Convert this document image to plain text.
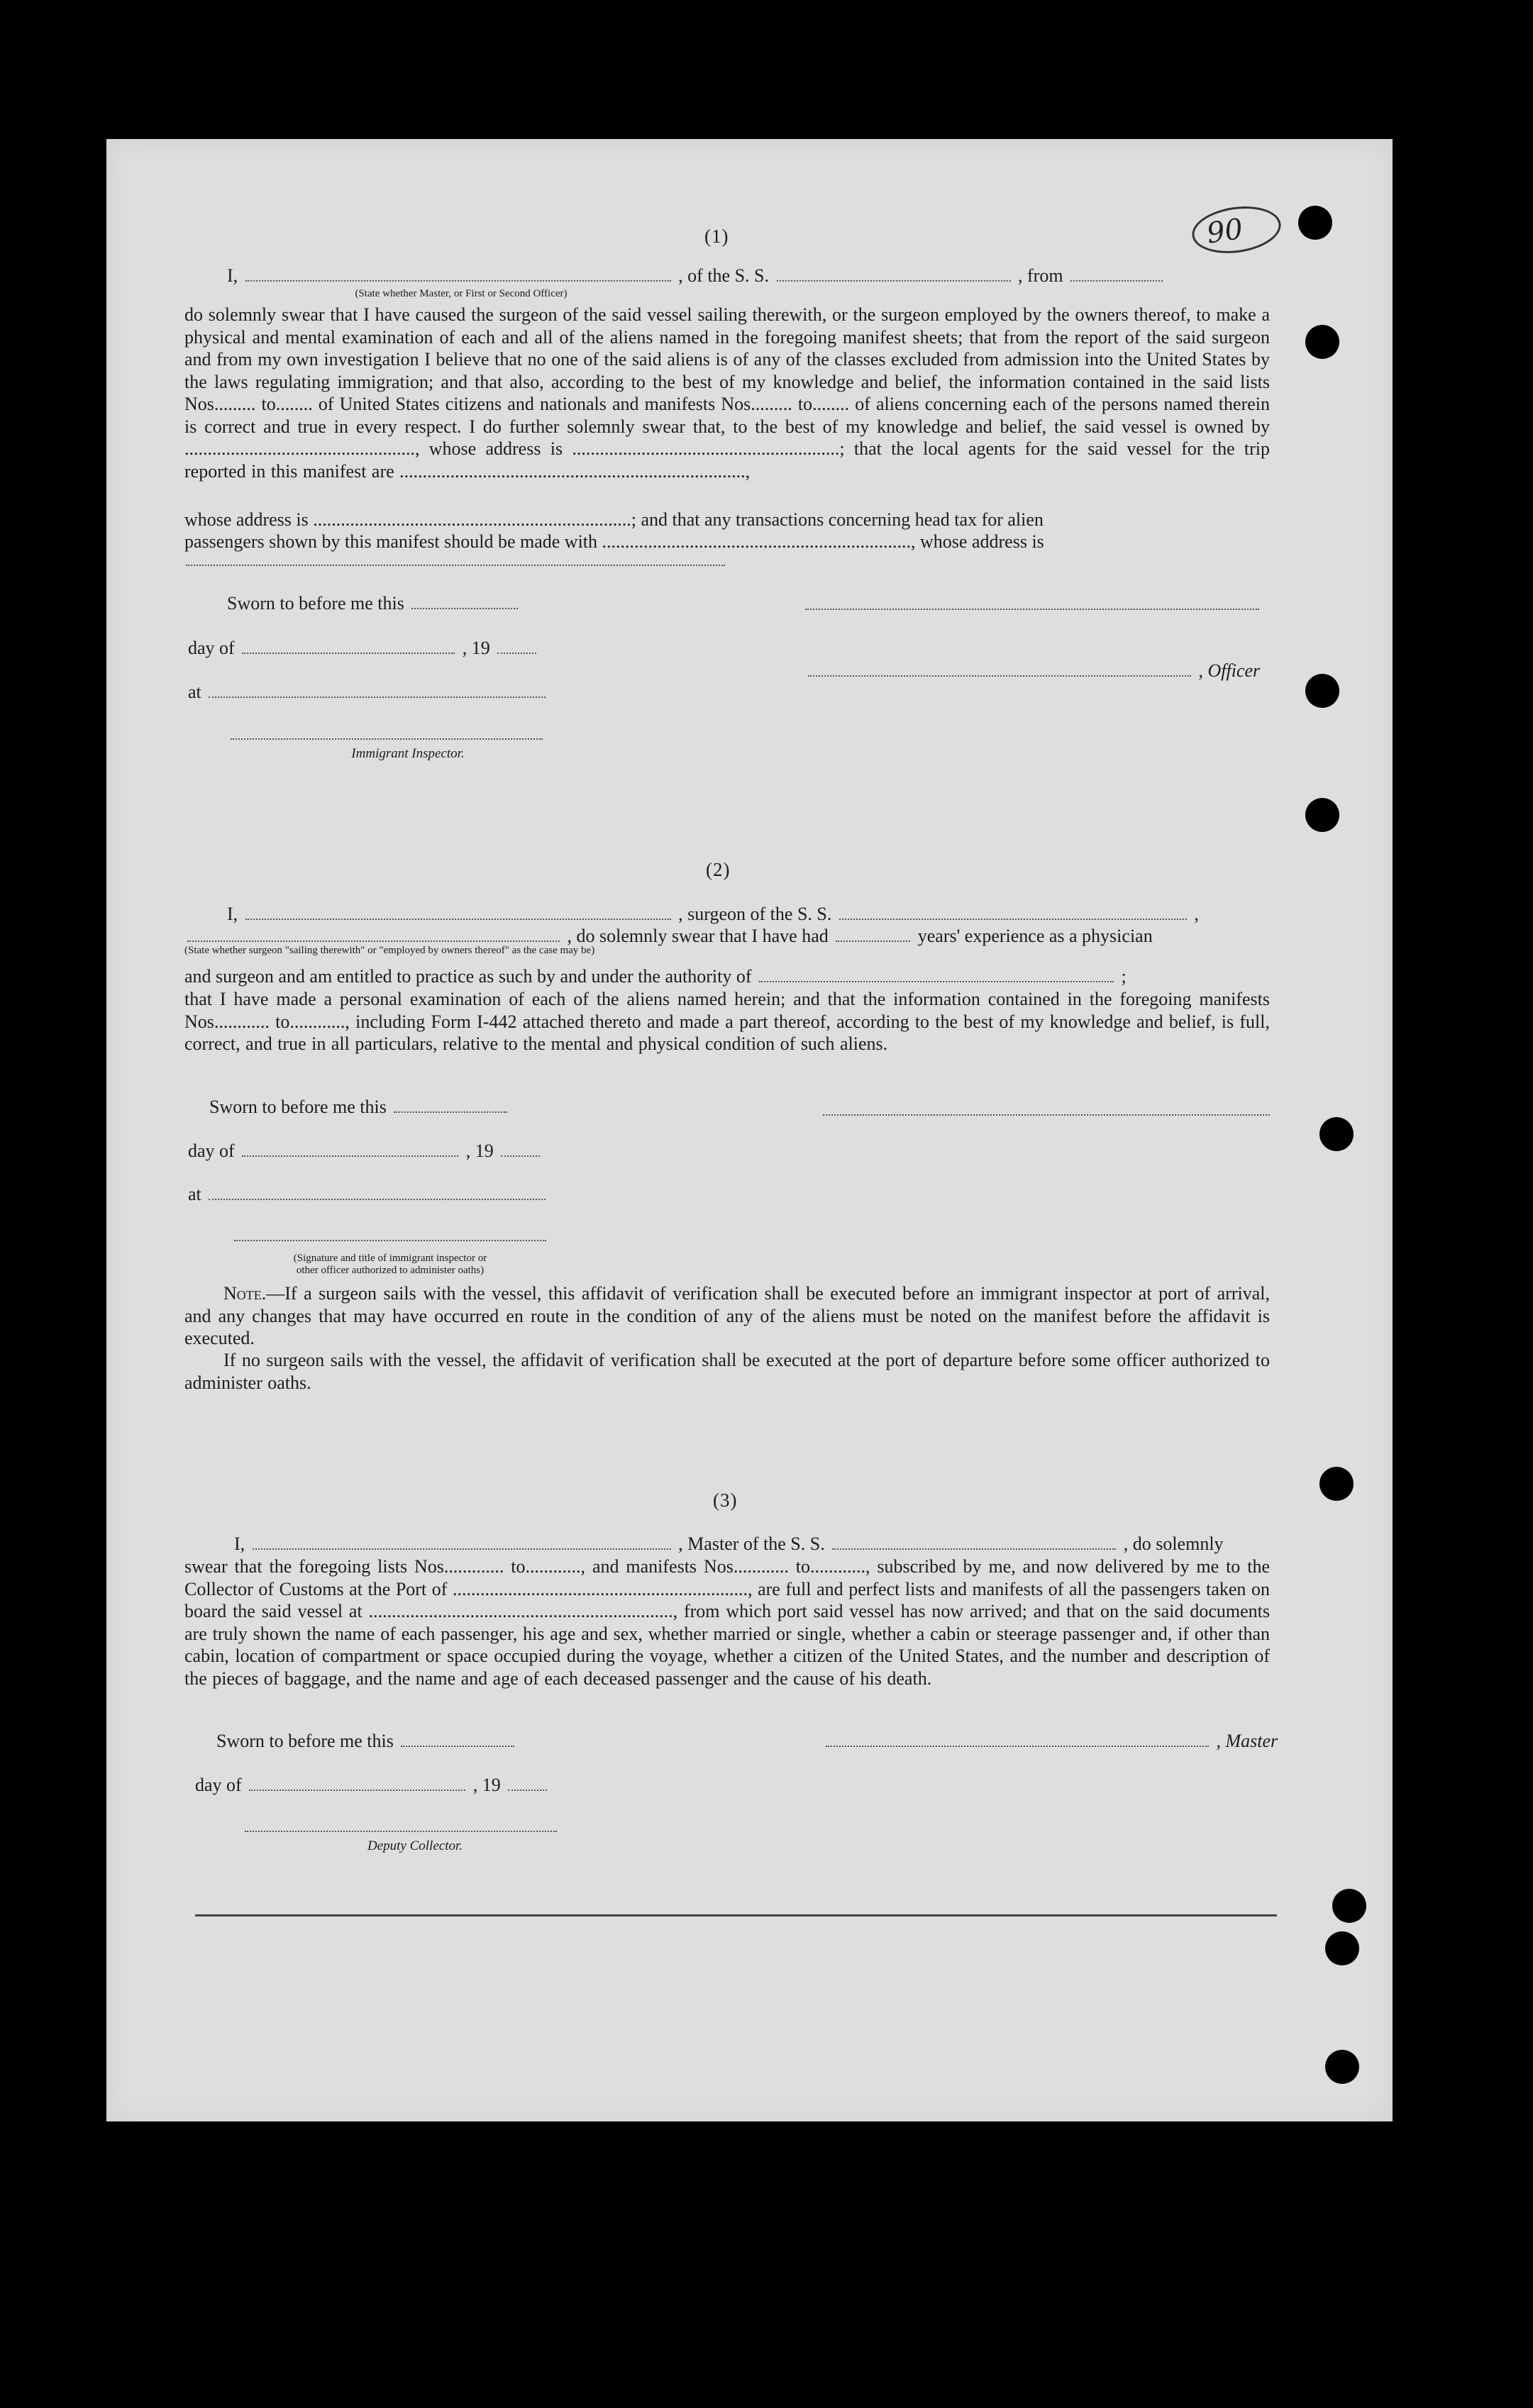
90
(1)
I,	, of the S. S.	, from
(State whether Master, or First or Second Officer)

do solemnly swear that I have caused the surgeon of the said vessel sailing therewith, or the surgeon employed by the owners thereof, to make a physical and mental examination of each and all of the aliens named in the foregoing manifest sheets; that from the report of the said surgeon and from my own investigation I believe that no one of the said aliens is of any of the classes excluded from admission into the United States by the laws regulating immigration; and that also, according to the best of my knowledge and belief, the information contained in the said lists Nos......... to........ of United States citizens and nationals and manifests Nos......... to........ of aliens concerning each of the persons named therein is correct and true in every respect. I do further solemnly swear that, to the best of my knowledge and belief, the said vessel is owned by .................................................., whose address is ..........................................................; that the local agents for the said vessel for the trip reported in this manifest are ...........................................................................,

whose address is .....................................................................; and that any transactions concerning head tax for alien
passengers shown by this manifest should be made with ..................................................................., whose address is
Sworn to before me this
day of	, 19
, Officer
at
Immigrant Inspector.
(2)
I,	, surgeon of the S. S.	,
, do solemnly swear that I have had	years' experience as a physician
(State whether surgeon "sailing therewith" or "employed by owners thereof" as the case may be)
and surgeon and am entitled to practice as such by and under the authority of	;

that I have made a personal examination of each of the aliens named herein; and that the information contained in the foregoing manifests Nos............ to............, including Form I-442 attached thereto and made a part thereof, according to the best of my knowledge and belief, is full, correct, and true in all particulars, relative to the mental and physical condition of such aliens.

Sworn to before me this
day of	, 19
at
(Signature and title of immigrant inspector or
other officer authorized to administer oaths)

Note.—If a surgeon sails with the vessel, this affidavit of verification shall be executed before an immigrant inspector at port of arrival, and any changes that may have occurred en route in the condition of any of the aliens must be noted on the manifest before the affidavit is executed.

If no surgeon sails with the vessel, the affidavit of verification shall be executed at the port of departure before some officer authorized to administer oaths.

(3)
I,	, Master of the S. S.	, do solemnly

swear that the foregoing lists Nos............. to............, and manifests Nos............ to............, subscribed by me, and now delivered by me to the Collector of Customs at the Port of ................................................................, are full and perfect lists and manifests of all the passengers taken on board the said vessel at .................................................................., from which port said vessel has now arrived; and that on the said documents are truly shown the name of each passenger, his age and sex, whether married or single, whether a cabin or steerage passenger and, if other than cabin, location of compartment or space occupied during the voyage, whether a citizen of the United States, and the number and description of the pieces of baggage, and the name and age of each deceased passenger and the cause of his death.

Sworn to before me this	, Master
day of	, 19
Deputy Collector.
